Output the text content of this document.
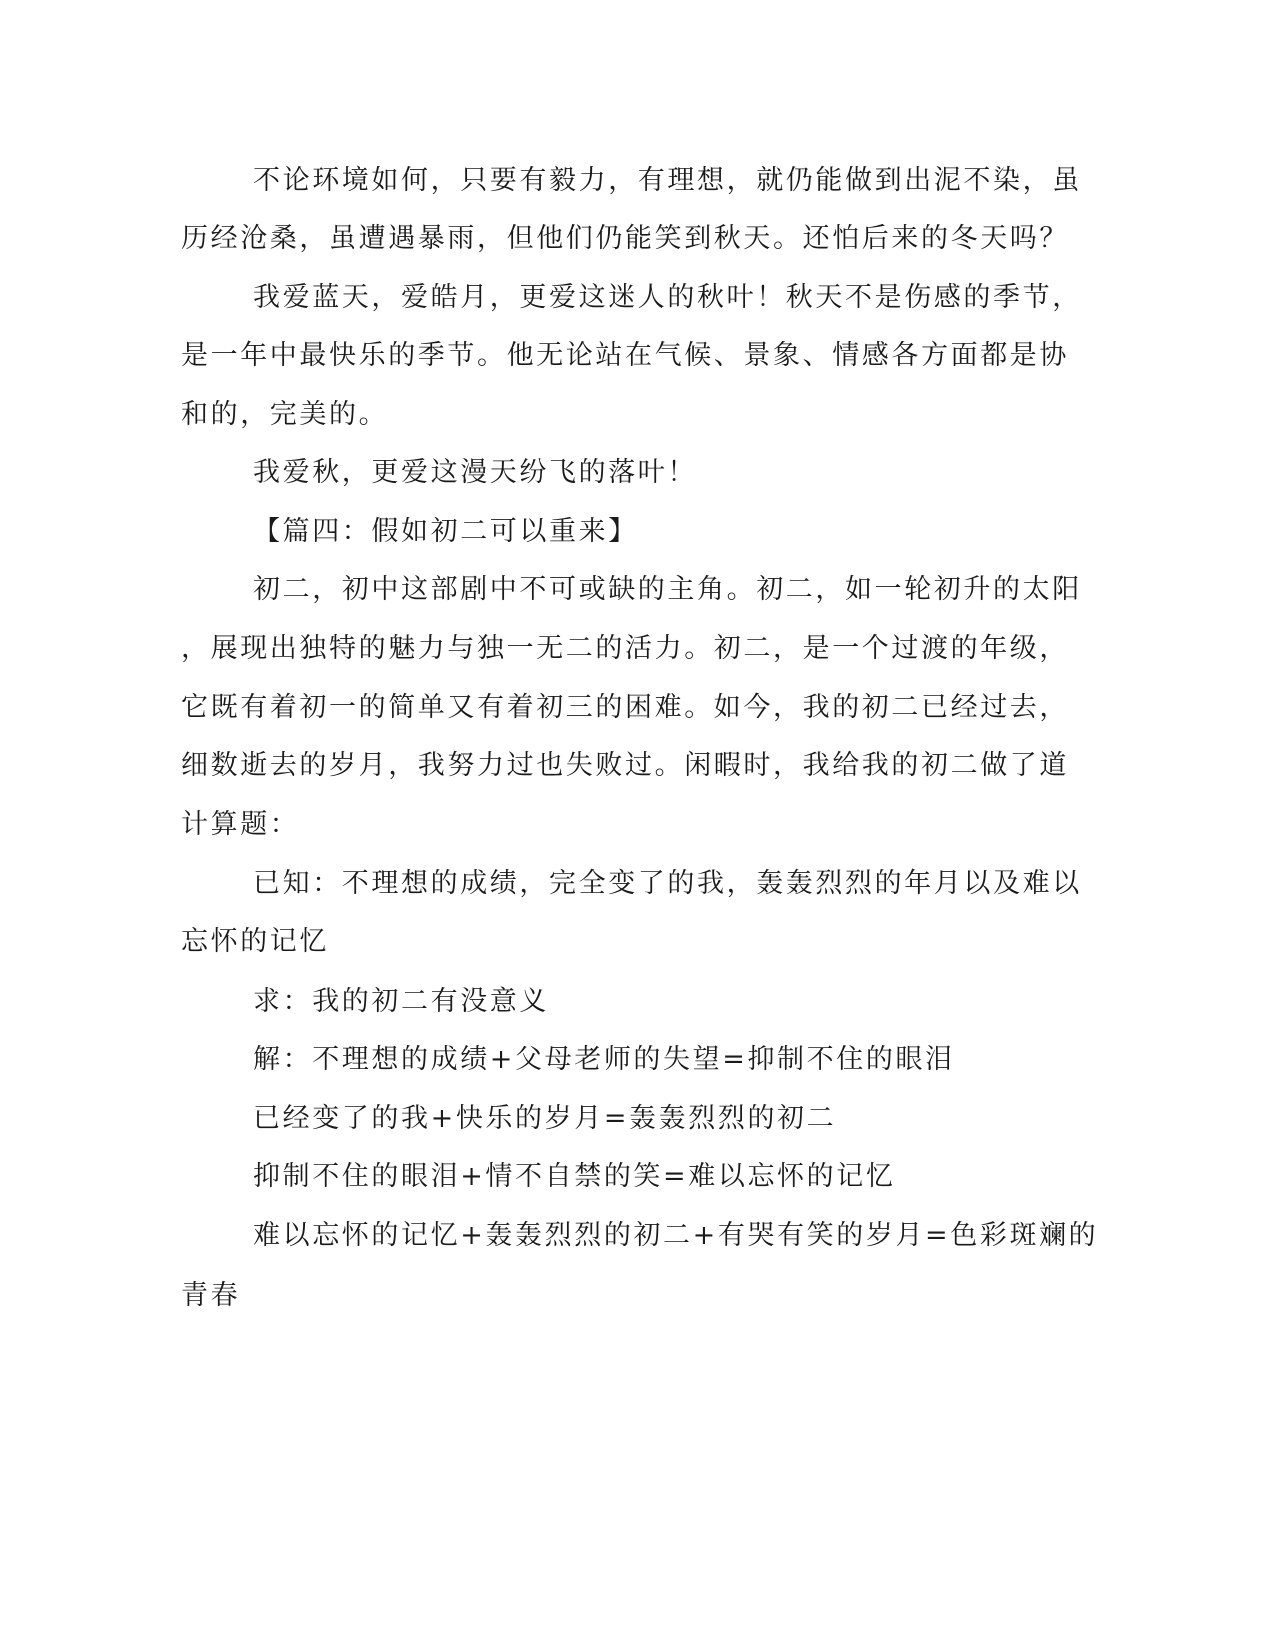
不论环境如何，只要有毅力，有理想，就仍能做到出泥不染，虽
历经沧桑，虽遭遇暴雨，但他们仍能笑到秋天。还怕后来的冬天吗？
我爱蓝天，爱皓月，更爱这迷人的秋叶！秋天不是伤感的季节，
是一年中最快乐的季节。他无论站在气候、景象、情感各方面都是协
和的，完美的。
我爱秋，更爱这漫天纷飞的落叶！
【篇四：假如初二可以重来】
初二，初中这部剧中不可或缺的主角。初二，如一轮初升的太阳
，展现出独特的魅力与独一无二的活力。初二，是一个过渡的年级，
它既有着初一的简单又有着初三的困难。如今，我的初二已经过去，
细数逝去的岁月，我努力过也失败过。闲暇时，我给我的初二做了道
计算题：
已知：不理想的成绩，完全变了的我，轰轰烈烈的年月以及难以
忘怀的记忆
求：我的初二有没意义
解：不理想的成绩+父母老师的失望=抑制不住的眼泪
已经变了的我+快乐的岁月=轰轰烈烈的初二
抑制不住的眼泪+情不自禁的笑=难以忘怀的记忆
难以忘怀的记忆+轰轰烈烈的初二+有哭有笑的岁月=色彩斑斓的
青春
